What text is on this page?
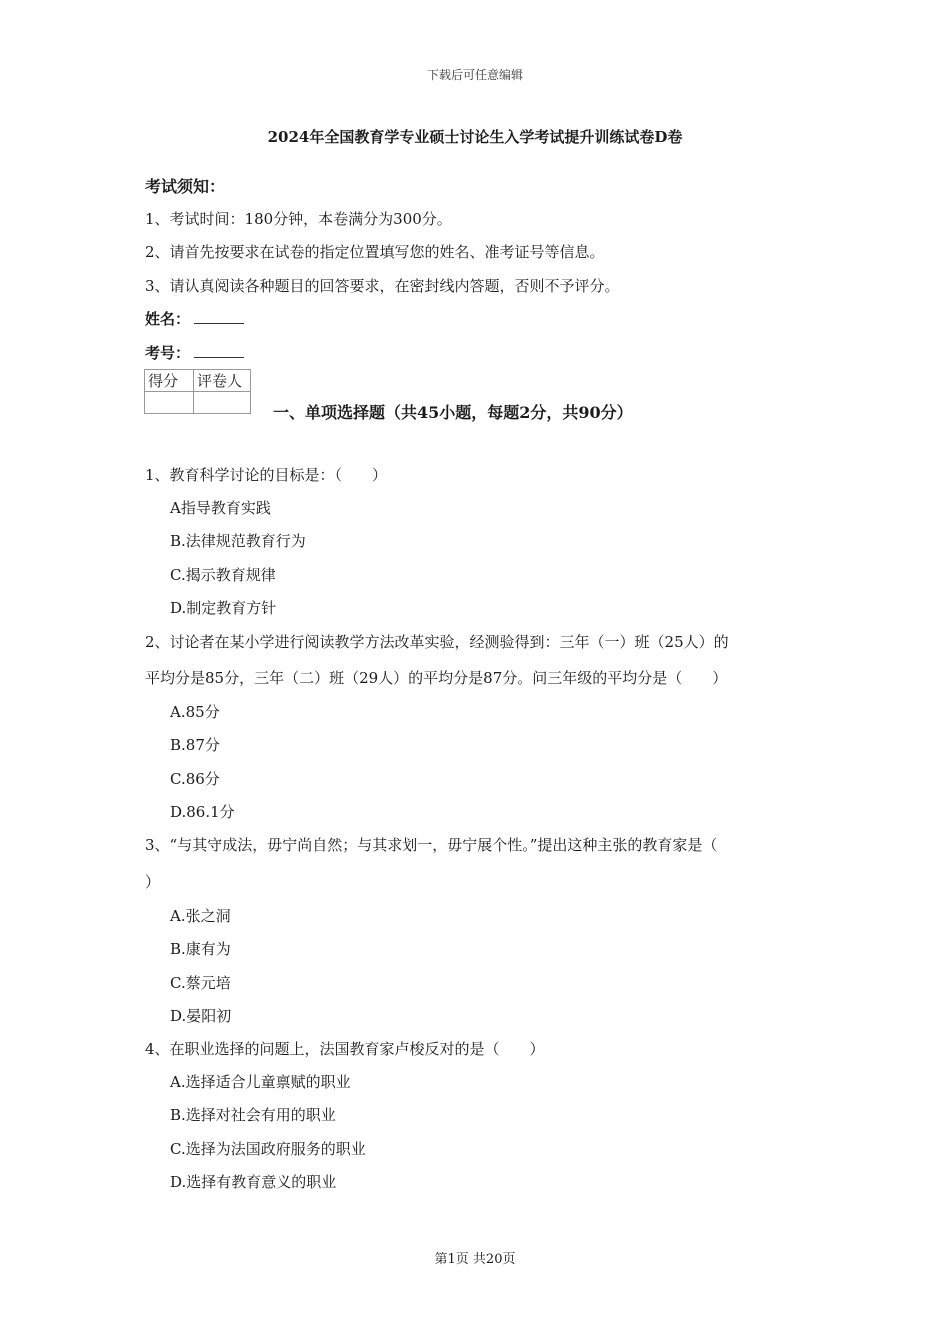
下载后可任意编辑
2024年全国教育学专业硕士讨论生入学考试提升训练试卷D卷
考试须知：
1、考试时间：180分钟，本卷满分为300分。
2、请首先按要求在试卷的指定位置填写您的姓名、准考证号等信息。
3、请认真阅读各种题目的回答要求，在密封线内答题，否则不予评分。
姓名：
考号：
得分	评卷人

一、单项选择题（共45小题，每题2分，共90分）
1、教育科学讨论的目标是：（　　）
A指导教育实践
B.法律规范教育行为
C.揭示教育规律
D.制定教育方针
2、讨论者在某小学进行阅读教学方法改革实验，经测验得到：三年（一）班（25人）的
平均分是85分，三年（二）班（29人）的平均分是87分。问三年级的平均分是（　　）
A.85分
B.87分
C.86分
D.86.1分
3、“与其守成法，毋宁尚自然；与其求划一，毋宁展个性。”提出这种主张的教育家是（
）
A.张之洞
B.康有为
C.蔡元培
D.晏阳初
4、在职业选择的问题上，法国教育家卢梭反对的是（　　）
A.选择适合儿童禀赋的职业
B.选择对社会有用的职业
C.选择为法国政府服务的职业
D.选择有教育意义的职业
第1页 共20页
